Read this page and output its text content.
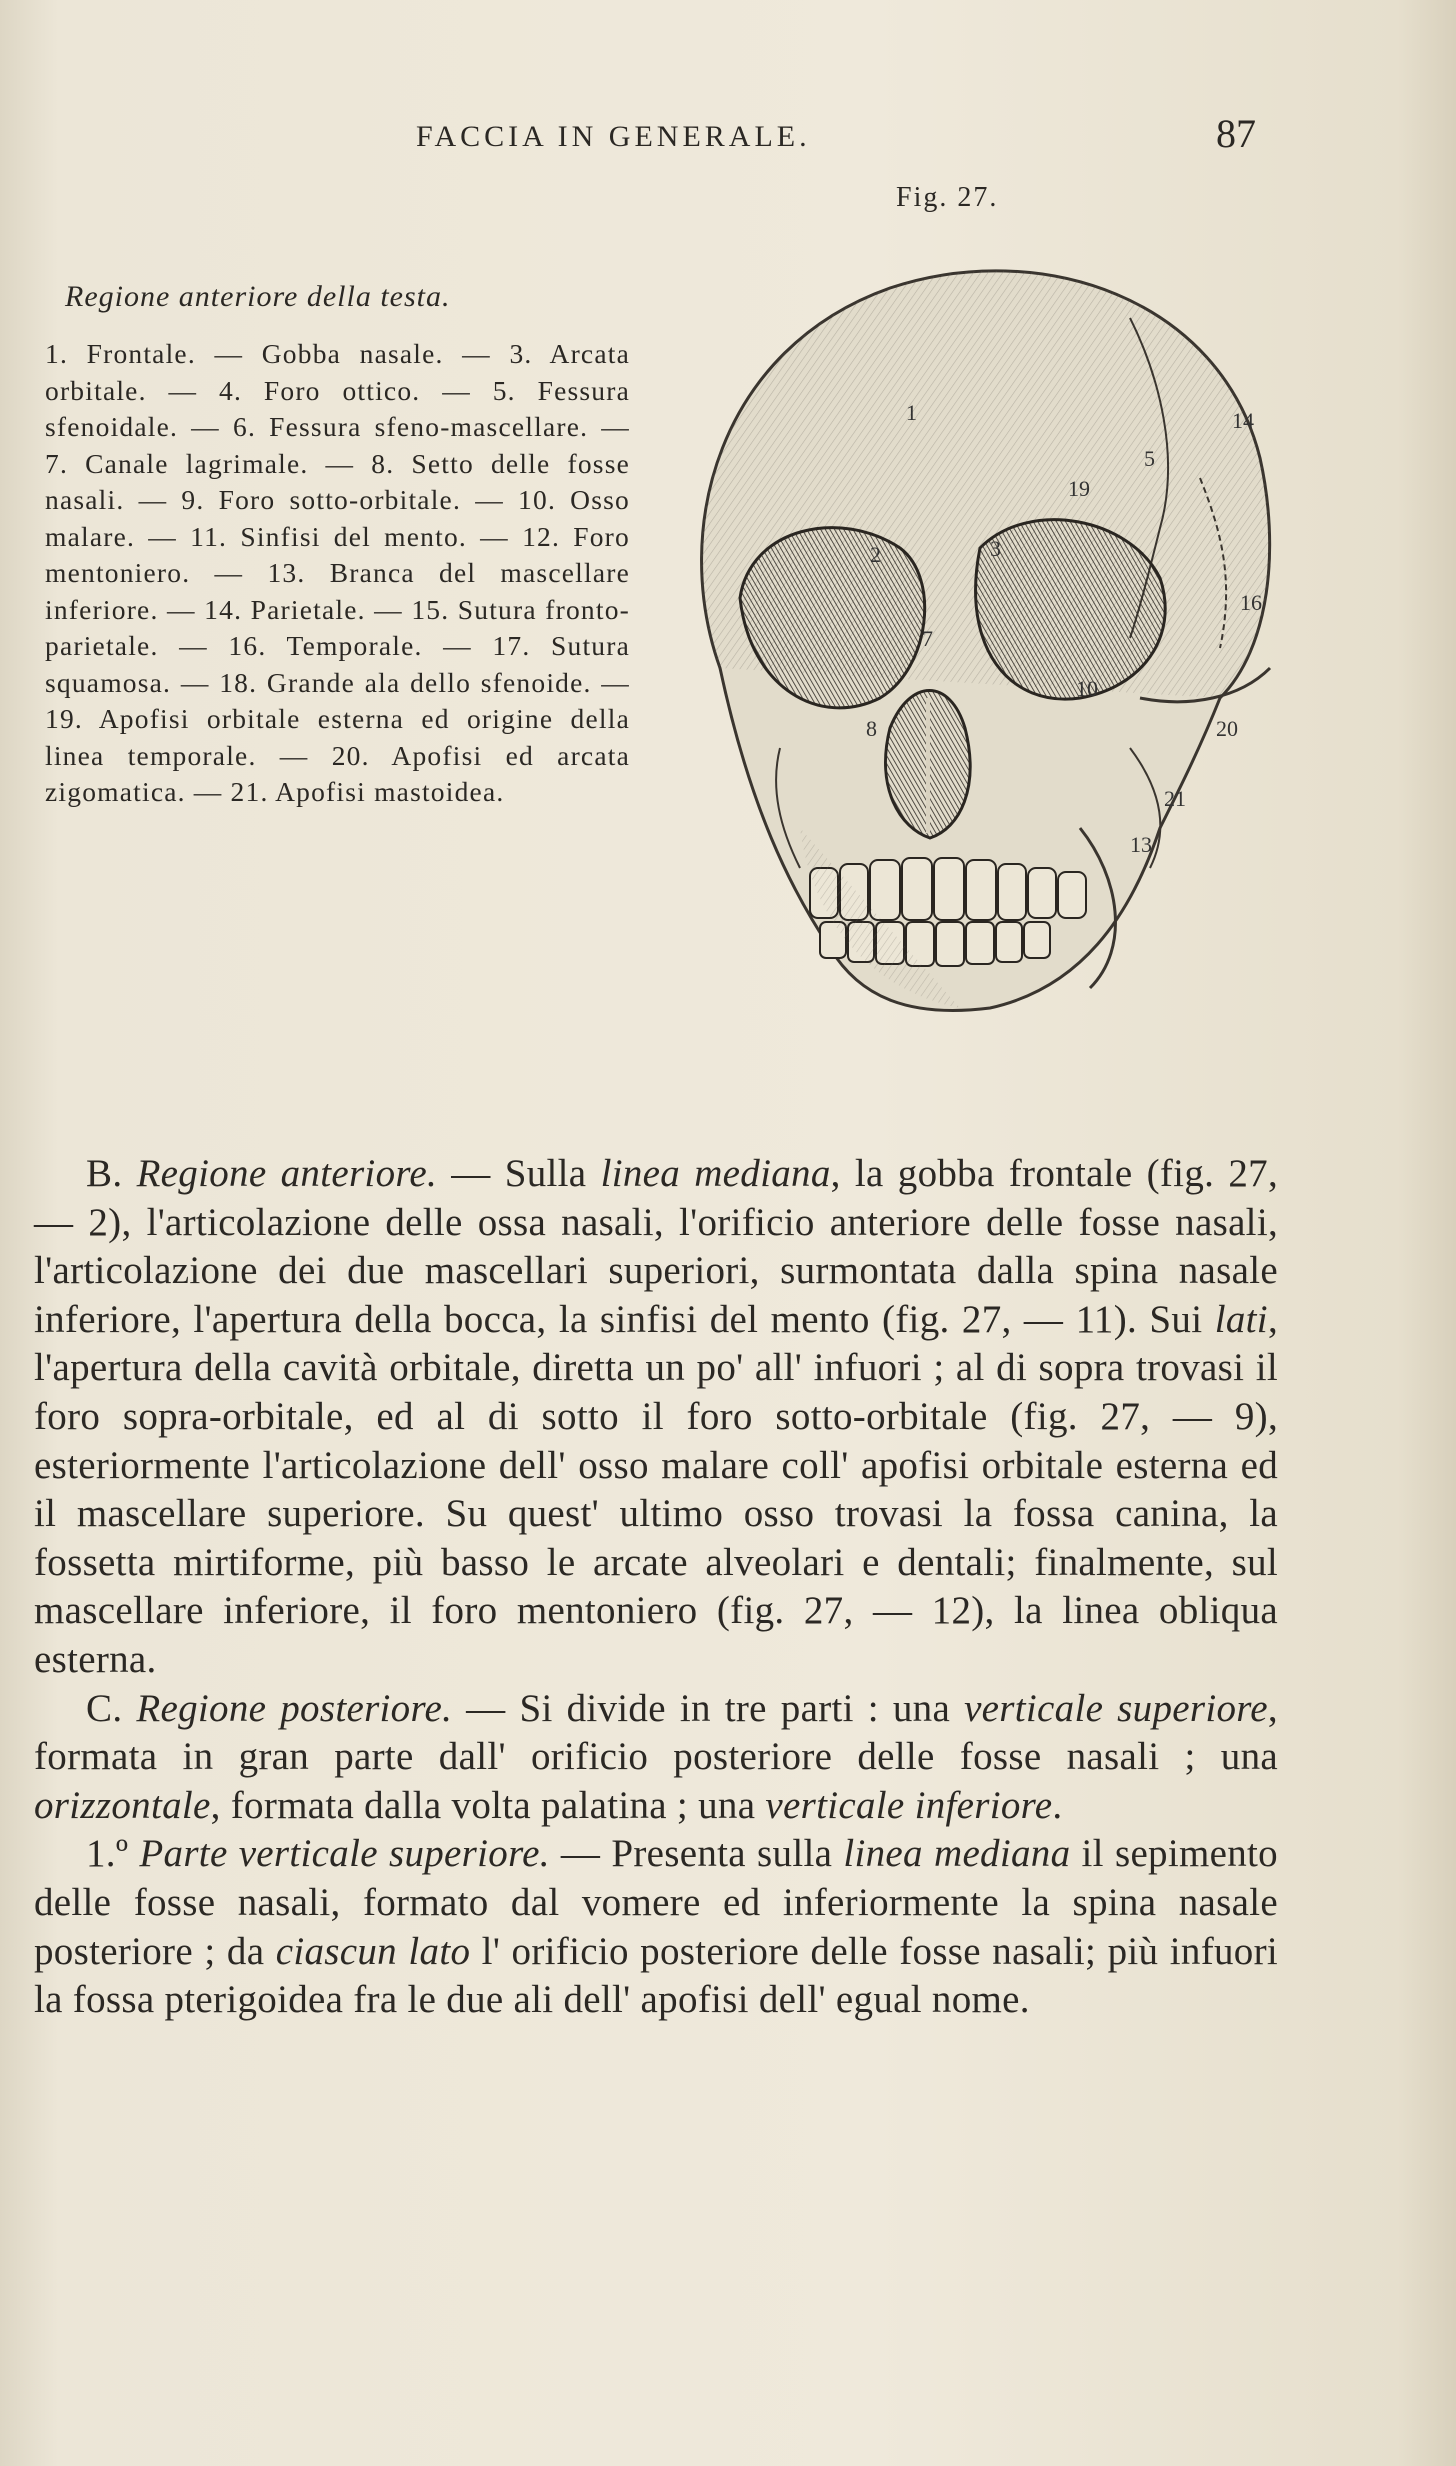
FACCIA IN GENERALE.	87
Regione anteriore della testa.
1. Frontale. — Gobba nasale. — 3. Arcata orbitale. — 4. Foro ottico. — 5. Fessura sfenoidale. — 6. Fessura sfeno-mascellare. — 7. Canale lagrimale. — 8. Setto delle fosse nasali. — 9. Foro sotto-orbitale. — 10. Osso malare. — 11. Sinfisi del mento. — 12. Foro mentoniero. — 13. Branca del mascellare inferiore. — 14. Parietale. — 15. Sutura fronto-parietale. — 16. Temporale. — 17. Sutura squamosa. — 18. Grande ala dello sfenoide. — 19. Apofisi orbitale esterna ed origine della linea temporale. — 20. Apofisi ed arcata zigomatica. — 21. Apofisi mastoidea.
Fig. 27.
1
2	3
5
7
8
10
13
14
16
19
20
21

B. Regione anteriore. — Sulla linea mediana, la gobba frontale (fig. 27, — 2), l'articolazione delle ossa nasali, l'orificio anteriore delle fosse nasali, l'articolazione dei due mascellari superiori, surmontata dalla spina nasale inferiore, l'apertura della bocca, la sinfisi del mento (fig. 27, — 11). Sui lati, l'apertura della cavità orbitale, diretta un po' all' infuori ; al di sopra trovasi il foro sopra-orbitale, ed al di sotto il foro sotto-orbitale (fig. 27, — 9), esteriormente l'articolazione dell' osso malare coll' apofisi orbitale esterna ed il mascellare superiore. Su quest' ultimo osso trovasi la fossa canina, la fossetta mirtiforme, più basso le arcate alveolari e dentali; finalmente, sul mascellare inferiore, il foro mentoniero (fig. 27, — 12), la linea obliqua esterna.

C. Regione posteriore. — Si divide in tre parti : una verticale superiore, formata in gran parte dall' orificio posteriore delle fosse nasali ; una orizzontale, formata dalla volta palatina ; una verticale inferiore.

1.º Parte verticale superiore. — Presenta sulla linea mediana il sepimento delle fosse nasali, formato dal vomere ed inferiormente la spina nasale posteriore ; da ciascun lato l' orificio posteriore delle fosse nasali; più infuori la fossa pterigoidea fra le due ali dell' apofisi dell' egual nome.
